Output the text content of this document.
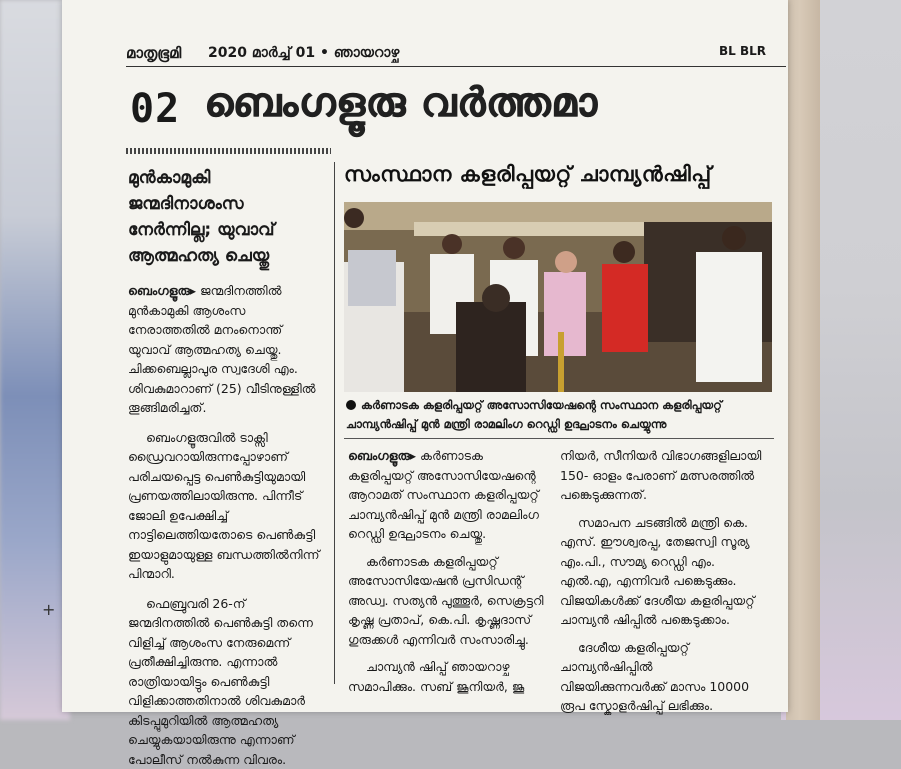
മാതൃഭൂമി 2020 മാർച്ച് 01 • ഞായറാഴ്ച	BL BLR
02 ബെംഗളൂരു വർത്തമാ
മുൻകാമുകി ജന്മദിനാശംസ നേർന്നില്ല; യുവാവ് ആത്മഹത്യ ചെയ്തു

ബെംഗളൂരു▸ ജന്മദിനത്തിൽ മുൻകാമുകി ആശംസ നേരാത്തതിൽ മനംനൊന്ത് യുവാവ് ആത്മഹത്യ ചെയ്തു. ചിക്കബെല്ലാപുര സ്വദേശി എം. ശിവകുമാറാണ് (25) വീടിനുള്ളിൽ തൂങ്ങിമരിച്ചത്.

ബെംഗളൂരുവിൽ ടാക്സി ഡ്രൈവറായിരുന്നപ്പോഴാണ് പരിചയപ്പെട്ട പെൺകുട്ടിയുമായി പ്രണയത്തിലായിരുന്നു. പിന്നീട് ജോലി ഉപേക്ഷിച്ച് നാട്ടിലെത്തിയതോടെ പെൺകുട്ടി ഇയാളുമായുള്ള ബന്ധത്തിൽനിന്ന് പിന്മാറി.

ഫെബ്രുവരി 26-ന് ജന്മദിനത്തിൽ പെൺകുട്ടി തന്നെ വിളിച്ച് ആശംസ നേരുമെന്ന് പ്രതീക്ഷിച്ചിരുന്നു. എന്നാൽ രാത്രിയായിട്ടും പെൺകുട്ടി വിളിക്കാത്തതിനാൽ ശിവകുമാർ കിടപ്പുമുറിയിൽ ആത്മഹത്യ ചെയ്യുകയായിരുന്നു എന്നാണ് പോലീസ് നൽകുന്ന വിവരം.

സംസ്ഥാന കളരിപ്പയറ്റ് ചാമ്പ്യൻഷിപ്പ്
കർണാടക കളരിപ്പയറ്റ് അസോസിയേഷന്റെ സംസ്ഥാന കളരിപ്പയറ്റ് ചാമ്പ്യൻഷിപ്പ് മുൻ മന്ത്രി രാമലിംഗ റെഡ്ഡി ഉദ്ഘാടനം ചെയ്യുന്നു

ബെംഗളൂരു▸ കർണാടക കളരിപ്പയറ്റ് അസോസിയേഷന്റെ ആറാമത് സംസ്ഥാന കളരിപ്പയറ്റ് ചാമ്പ്യൻഷിപ്പ് മുൻ മന്ത്രി രാമലിംഗ റെഡ്ഡി ഉദ്ഘാടനം ചെയ്തു.

കർണാടക കളരിപ്പയറ്റ് അസോസിയേഷൻ പ്രസിഡന്റ് അഡ്വ. സത്യൻ പുത്തൂർ, സെക്രട്ടറി കൃഷ്ണ പ്രതാപ്, കെ.പി. കൃഷ്ണദാസ് ഗുരുക്കൾ എന്നിവർ സംസാരിച്ചു.

ചാമ്പ്യൻ ഷിപ്പ് ഞായറാഴ്ച സമാപിക്കും. സബ് ജൂനിയർ, ജൂ

നിയർ, സീനിയർ വിഭാഗങ്ങളിലായി 150- ഓളം പേരാണ് മത്സരത്തിൽ പങ്കെടുക്കുന്നത്.

സമാപന ചടങ്ങിൽ മന്ത്രി കെ. എസ്. ഈശ്വരപ്പ, തേജസ്വി സൂര്യ എം.പി., സൗമ്യ റെഡ്ഡി എം. എൽ.എ, എന്നിവർ പങ്കെടുക്കും. വിജയികൾക്ക് ദേശീയ കളരിപ്പയറ്റ് ചാമ്പ്യൻ ഷിപ്പിൽ പങ്കെടുക്കാം.

ദേശീയ കളരിപ്പയറ്റ് ചാമ്പ്യൻഷിപ്പിൽ വിജയിക്കുന്നവർക്ക് മാസം 10000 രൂപ സ്കോളർഷിപ്പ് ലഭിക്കും.

+
